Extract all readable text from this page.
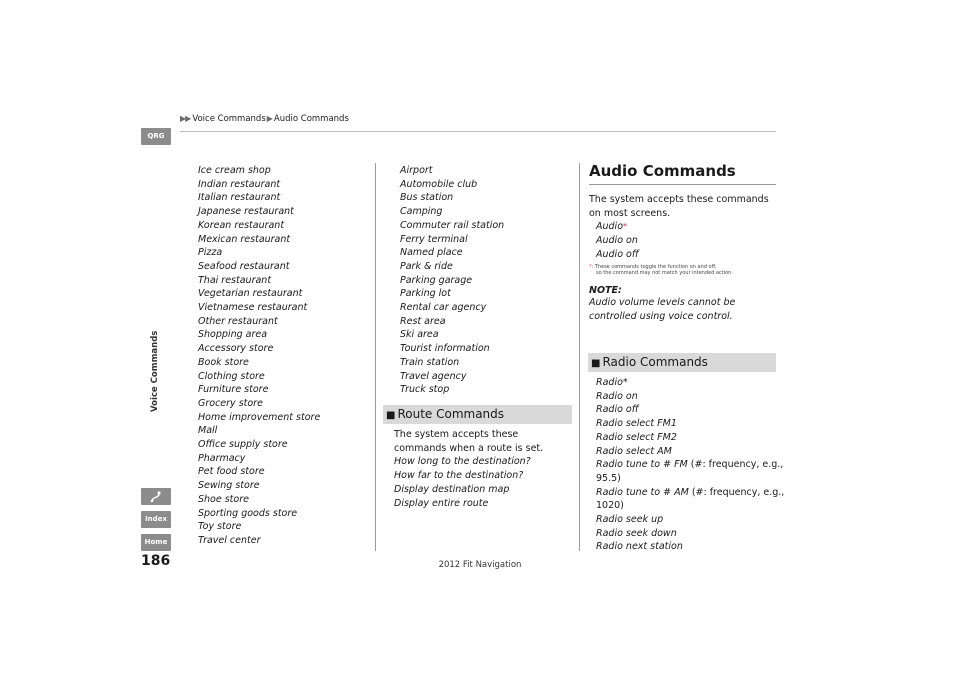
▶▶ Voice Commands▶Audio Commands
QRG
Voice Commands
Index
Home
186
Ice cream shop
Indian restaurant
Italian restaurant
Japanese restaurant
Korean restaurant
Mexican restaurant
Pizza
Seafood restaurant
Thai restaurant
Vegetarian restaurant
Vietnamese restaurant
Other restaurant
Shopping area
Accessory store
Book store
Clothing store
Furniture store
Grocery store
Home improvement store
Mall
Office supply store
Pharmacy
Pet food store
Sewing store
Shoe store
Sporting goods store
Toy store
Travel center
Airport
Automobile club
Bus station
Camping
Commuter rail station
Ferry terminal
Named place
Park & ride
Parking garage
Parking lot
Rental car agency
Rest area
Ski area
Tourist information
Train station
Travel agency
Truck stop
■ Route Commands
The system accepts these commands when a route is set.
How long to the destination?
How far to the destination?
Display destination map
Display entire route
Audio Commands
The system accepts these commands on most screens.
Audio*
Audio on
Audio off
*: These commands toggle the function on and off,
so the command may not match your intended action.
NOTE:
Audio volume levels cannot be controlled using voice control.
■ Radio Commands
Radio*
Radio on
Radio off
Radio select FM1
Radio select FM2
Radio select AM
Radio tune to # FM (#: frequency, e.g.,
95.5)
Radio tune to # AM (#: frequency, e.g.,
1020)
Radio seek up
Radio seek down
Radio next station
2012 Fit Navigation
